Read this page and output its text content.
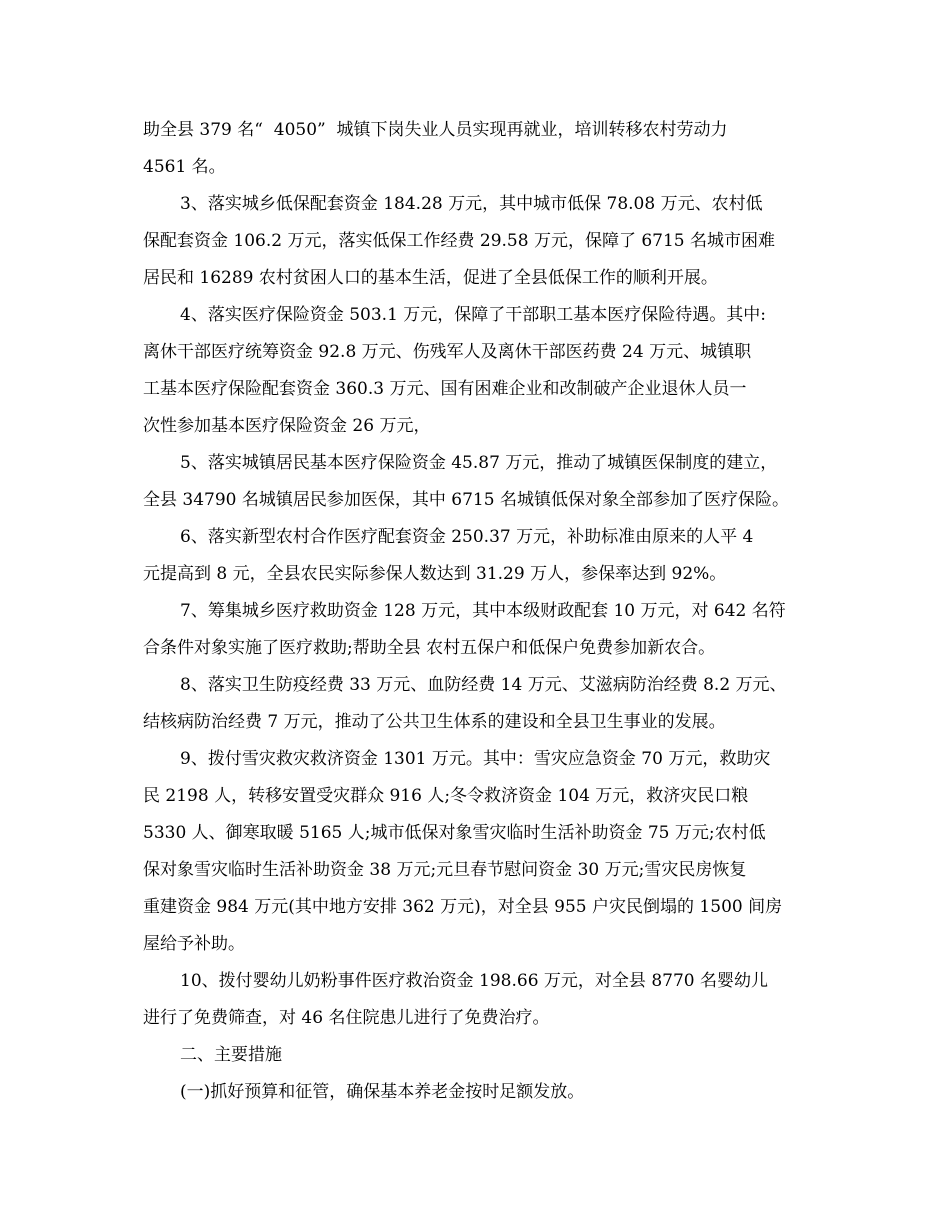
助全县 379 名“  4050”  城镇下岗失业人员实现再就业，培训转移农村劳动力
4561 名。
3、落实城乡低保配套资金 184.28 万元，其中城市低保 78.08 万元、农村低
保配套资金 106.2 万元，落实低保工作经费 29.58 万元，保障了 6715 名城市困难
居民和 16289 农村贫困人口的基本生活，促进了全县低保工作的顺利开展。
4、落实医疗保险资金 503.1 万元，保障了干部职工基本医疗保险待遇。其中:
离休干部医疗统筹资金 92.8 万元、伤残军人及离休干部医药费 24 万元、城镇职
工基本医疗保险配套资金 360.3 万元、国有困难企业和改制破产企业退休人员一
次性参加基本医疗保险资金 26 万元，
5、落实城镇居民基本医疗保险资金 45.87 万元，推动了城镇医保制度的建立，
全县 34790 名城镇居民参加医保，其中 6715 名城镇低保对象全部参加了医疗保险。
6、落实新型农村合作医疗配套资金 250.37 万元，补助标准由原来的人平 4
元提高到 8 元，全县农民实际参保人数达到 31.29 万人，参保率达到 92%。
7、筹集城乡医疗救助资金 128 万元，其中本级财政配套 10 万元，对 642 名符
合条件对象实施了医疗救助;帮助全县 农村五保户和低保户免费参加新农合。
8、落实卫生防疫经费 33 万元、血防经费 14 万元、艾滋病防治经费 8.2 万元、
结核病防治经费 7 万元，推动了公共卫生体系的建设和全县卫生事业的发展。
9、拨付雪灾救灾救济资金 1301 万元。其中：雪灾应急资金 70 万元，救助灾
民 2198 人，转移安置受灾群众 916 人;冬令救济资金 104 万元，救济灾民口粮
5330 人、御寒取暖 5165 人;城市低保对象雪灾临时生活补助资金 75 万元;农村低
保对象雪灾临时生活补助资金 38 万元;元旦春节慰问资金 30 万元;雪灾民房恢复
重建资金 984 万元(其中地方安排 362 万元)，对全县 955 户灾民倒塌的 1500 间房
屋给予补助。
10、拨付婴幼儿奶粉事件医疗救治资金 198.66 万元，对全县 8770 名婴幼儿
进行了免费筛查，对 46 名住院患儿进行了免费治疗。
二、主要措施
(一)抓好预算和征管，确保基本养老金按时足额发放。
